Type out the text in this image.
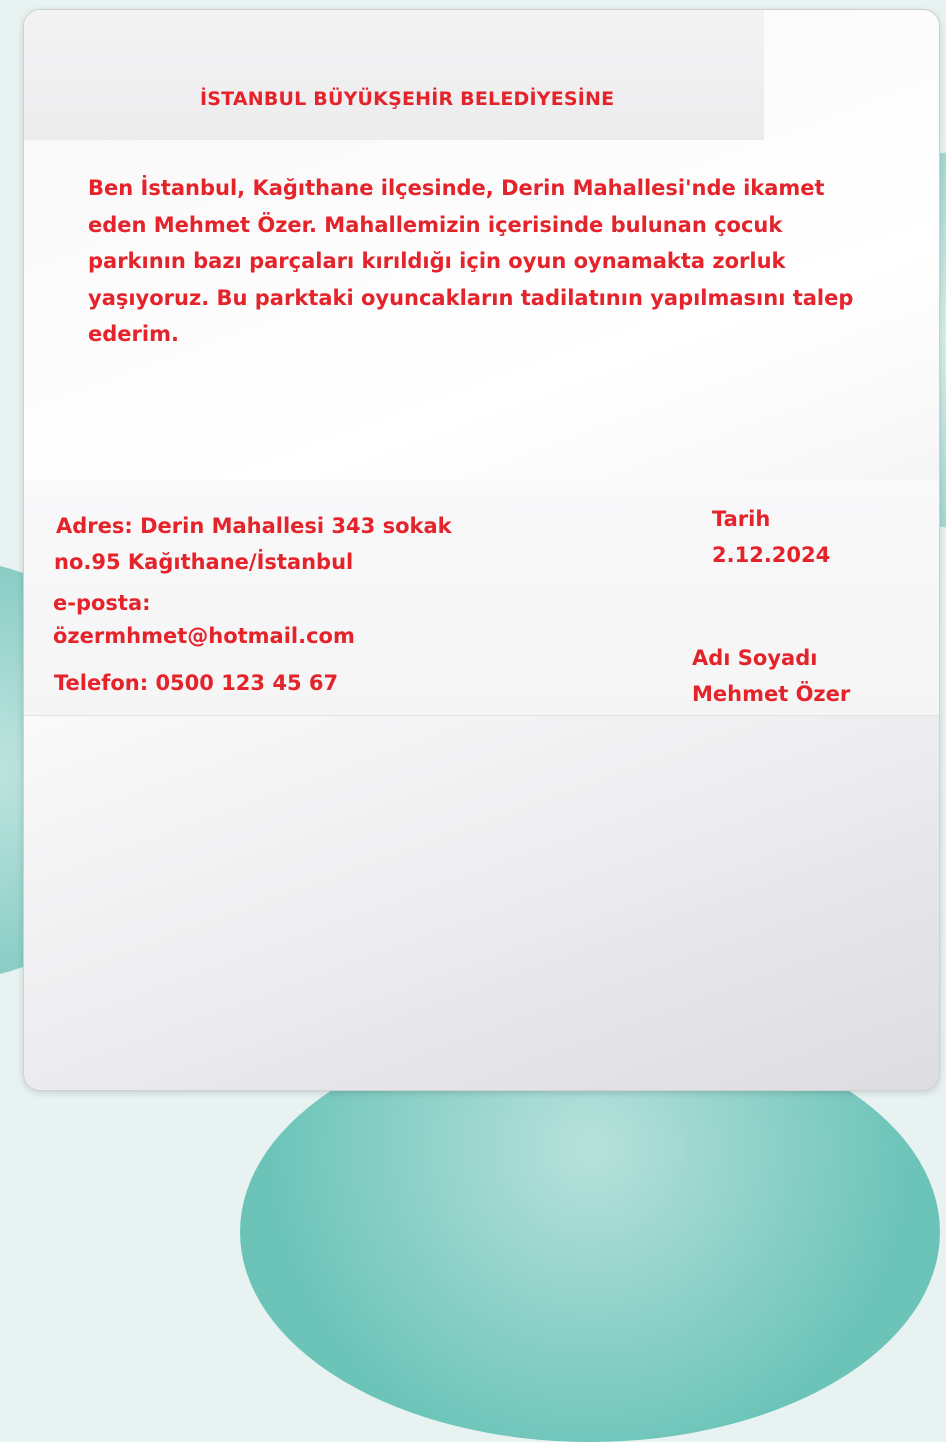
İSTANBUL BÜYÜKŞEHİR BELEDİYESİNE
Ben İstanbul, Kağıthane ilçesinde, Derin Mahallesi'nde ikamet
eden Mehmet Özer. Mahallemizin içerisinde bulunan çocuk
parkının bazı parçaları kırıldığı için oyun oynamakta zorluk
yaşıyoruz. Bu parktaki oyuncakların tadilatının yapılmasını talep
ederim.
Adres: Derin Mahallesi 343 sokak
no.95 Kağıthane/İstanbul
e-posta:
özermhmet@hotmail.com
Telefon: 0500 123 45 67
Tarih
2.12.2024
Adı Soyadı
Mehmet Özer
